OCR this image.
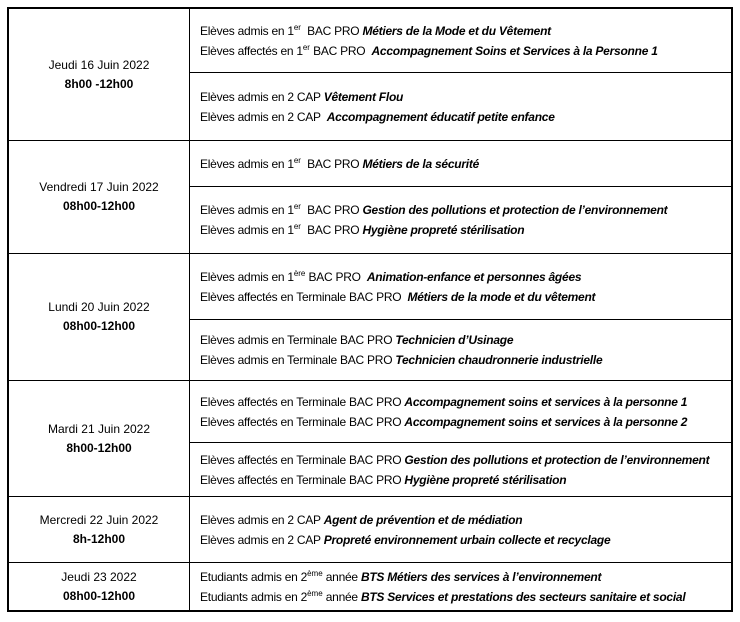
Jeudi 16 Juin 2022
8h00 -12h00
Elèves admis en 1er  BAC PRO Métiers de la Mode et du Vêtement
Elèves affectés en 1er BAC PRO  Accompagnement Soins et Services à la Personne 1
Elèves admis en 2 CAP Vêtement Flou
Elèves admis en 2 CAP  Accompagnement éducatif petite enfance
Vendredi 17 Juin 2022
08h00-12h00
Elèves admis en 1er  BAC PRO Métiers de la sécurité
Elèves admis en 1er  BAC PRO Gestion des pollutions et protection de l’environnement
Elèves admis en 1er  BAC PRO Hygiène propreté stérilisation
Lundi 20 Juin 2022
08h00-12h00
Elèves admis en 1ère BAC PRO  Animation-enfance et personnes âgées
Elèves affectés en Terminale BAC PRO  Métiers de la mode et du vêtement
Elèves admis en Terminale BAC PRO Technicien d’Usinage
Elèves admis en Terminale BAC PRO Technicien chaudronnerie industrielle
Mardi 21 Juin 2022
8h00-12h00
Elèves affectés en Terminale BAC PRO Accompagnement soins et services à la personne 1
Elèves affectés en Terminale BAC PRO Accompagnement soins et services à la personne 2
Elèves affectés en Terminale BAC PRO Gestion des pollutions et protection de l’environnement
Elèves affectés en Terminale BAC PRO Hygiène propreté stérilisation
Mercredi 22 Juin 2022
8h-12h00
Elèves admis en 2 CAP Agent de prévention et de médiation
Elèves admis en 2 CAP Propreté environnement urbain collecte et recyclage
Jeudi 23 2022
08h00-12h00
Etudiants admis en 2ème année BTS Métiers des services à l’environnement
Etudiants admis en 2ème année BTS Services et prestations des secteurs sanitaire et social
